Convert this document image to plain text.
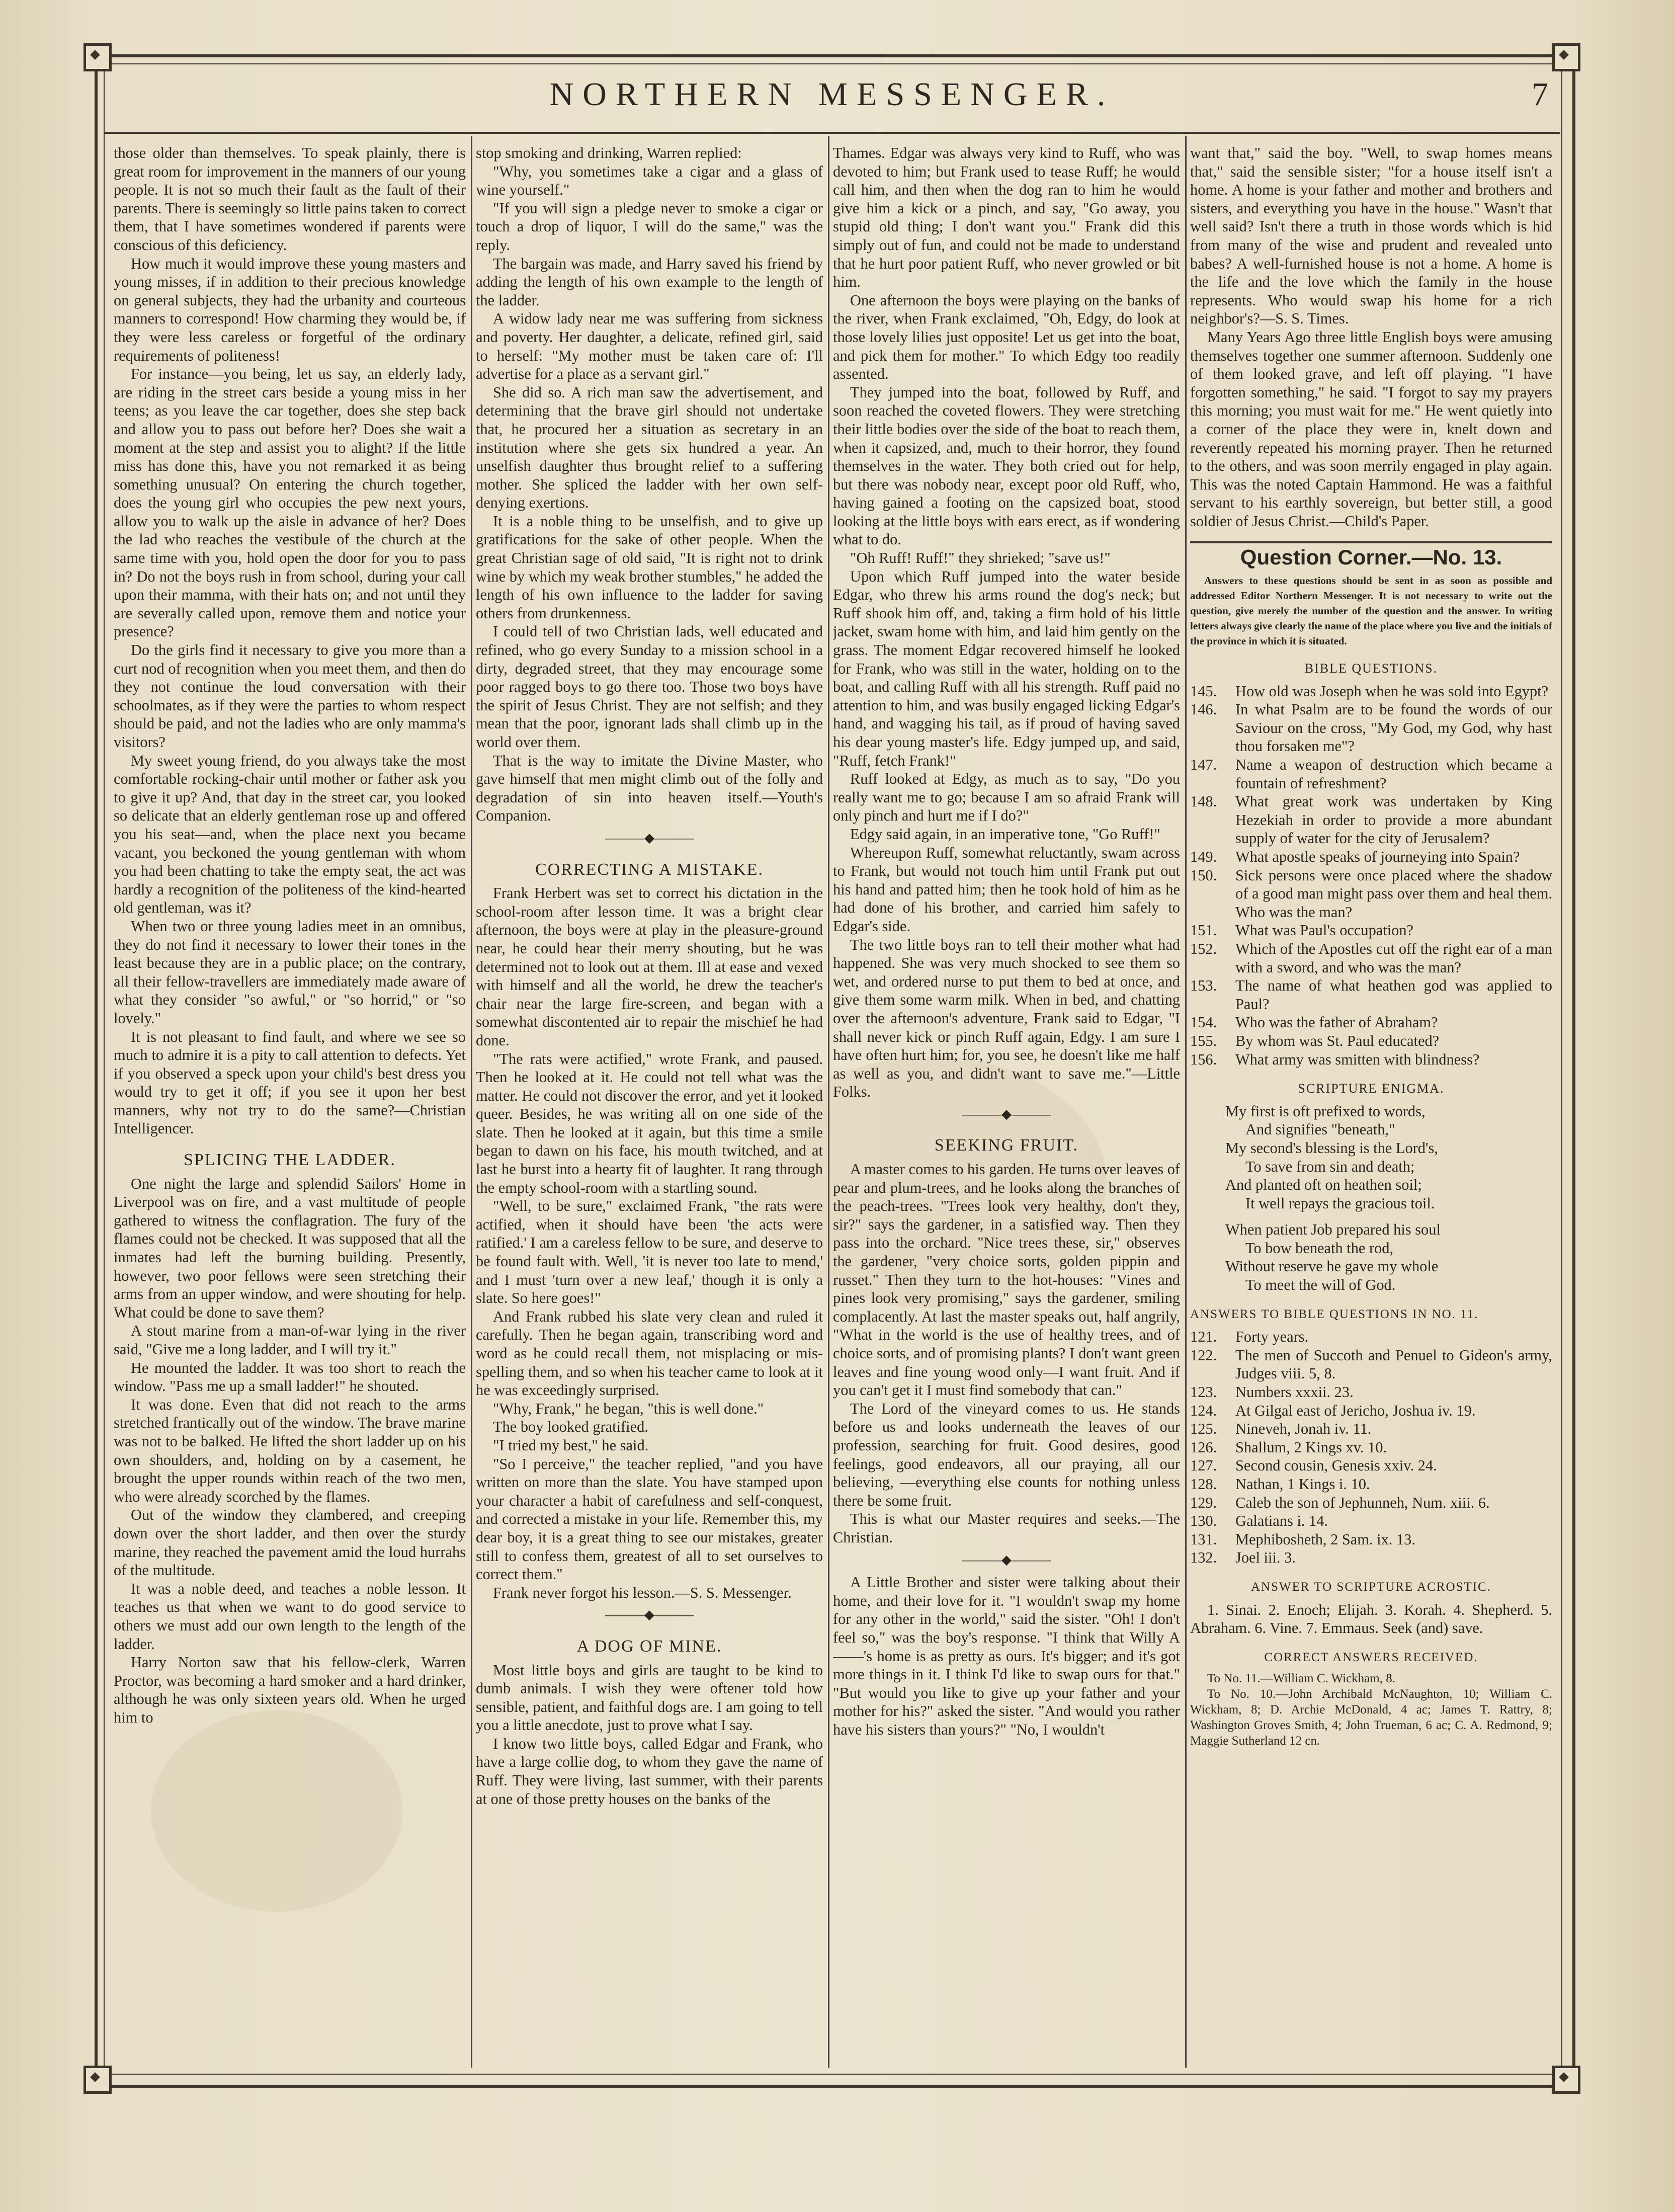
NORTHERN MESSENGER.	7

those older than themselves. To speak plainly, there is great room for improvement in the manners of our young people. It is not so much their fault as the fault of their parents. There is seemingly so little pains taken to correct them, that I have sometimes wondered if parents were conscious of this deficiency.

How much it would improve these young masters and young misses, if in addition to their precious knowledge on general subjects, they had the urbanity and courteous manners to correspond! How charming they would be, if they were less careless or forgetful of the ordinary requirements of politeness!

For instance—you being, let us say, an elderly lady, are riding in the street cars beside a young miss in her teens; as you leave the car together, does she step back and allow you to pass out before her? Does she wait a moment at the step and assist you to alight? If the little miss has done this, have you not remarked it as being something unusual? On entering the church together, does the young girl who occupies the pew next yours, allow you to walk up the aisle in advance of her? Does the lad who reaches the vestibule of the church at the same time with you, hold open the door for you to pass in? Do not the boys rush in from school, during your call upon their mamma, with their hats on; and not until they are severally called upon, remove them and notice your presence?

Do the girls find it necessary to give you more than a curt nod of recognition when you meet them, and then do they not continue the loud conversation with their schoolmates, as if they were the parties to whom respect should be paid, and not the ladies who are only mamma's visitors?

My sweet young friend, do you always take the most comfortable rocking-chair until mother or father ask you to give it up? And, that day in the street car, you looked so delicate that an elderly gentleman rose up and offered you his seat—and, when the place next you became vacant, you beckoned the young gentleman with whom you had been chatting to take the empty seat, the act was hardly a recognition of the politeness of the kind-hearted old gentleman, was it?

When two or three young ladies meet in an omnibus, they do not find it necessary to lower their tones in the least because they are in a public place; on the contrary, all their fellow-travellers are immediately made aware of what they consider "so awful," or "so horrid," or "so lovely."

It is not pleasant to find fault, and where we see so much to admire it is a pity to call attention to defects. Yet if you observed a speck upon your child's best dress you would try to get it off; if you see it upon her best manners, why not try to do the same?—Christian Intelligencer.

SPLICING THE LADDER.

One night the large and splendid Sailors' Home in Liverpool was on fire, and a vast multitude of people gathered to witness the conflagration. The fury of the flames could not be checked. It was supposed that all the inmates had left the burning building. Presently, however, two poor fellows were seen stretching their arms from an upper window, and were shouting for help. What could be done to save them?

A stout marine from a man-of-war lying in the river said, "Give me a long ladder, and I will try it."

He mounted the ladder. It was too short to reach the window. "Pass me up a small ladder!" he shouted.

It was done. Even that did not reach to the arms stretched frantically out of the window. The brave marine was not to be balked. He lifted the short ladder up on his own shoulders, and, holding on by a casement, he brought the upper rounds within reach of the two men, who were already scorched by the flames.

Out of the window they clambered, and creeping down over the short ladder, and then over the sturdy marine, they reached the pavement amid the loud hurrahs of the multitude.

It was a noble deed, and teaches a noble lesson. It teaches us that when we want to do good service to others we must add our own length to the length of the ladder.

Harry Norton saw that his fellow-clerk, Warren Proctor, was becoming a hard smoker and a hard drinker, although he was only sixteen years old. When he urged him to

stop smoking and drinking, Warren replied:

"Why, you sometimes take a cigar and a glass of wine yourself."

"If you will sign a pledge never to smoke a cigar or touch a drop of liquor, I will do the same," was the reply.

The bargain was made, and Harry saved his friend by adding the length of his own example to the length of the ladder.

A widow lady near me was suffering from sickness and poverty. Her daughter, a delicate, refined girl, said to herself: "My mother must be taken care of: I'll advertise for a place as a servant girl."

She did so. A rich man saw the advertisement, and determining that the brave girl should not undertake that, he procured her a situation as secretary in an institution where she gets six hundred a year. An unselfish daughter thus brought relief to a suffering mother. She spliced the ladder with her own self-denying exertions.

It is a noble thing to be unselfish, and to give up gratifications for the sake of other people. When the great Christian sage of old said, "It is right not to drink wine by which my weak brother stumbles," he added the length of his own influence to the ladder for saving others from drunkenness.

I could tell of two Christian lads, well educated and refined, who go every Sunday to a mission school in a dirty, degraded street, that they may encourage some poor ragged boys to go there too. Those two boys have the spirit of Jesus Christ. They are not selfish; and they mean that the poor, ignorant lads shall climb up in the world over them.

That is the way to imitate the Divine Master, who gave himself that men might climb out of the folly and degradation of sin into heaven itself.—Youth's Companion.

———◆———
CORRECTING A MISTAKE.

Frank Herbert was set to correct his dictation in the school-room after lesson time. It was a bright clear afternoon, the boys were at play in the pleasure-ground near, he could hear their merry shouting, but he was determined not to look out at them. Ill at ease and vexed with himself and all the world, he drew the teacher's chair near the large fire-screen, and began with a somewhat discontented air to repair the mischief he had done.

"The rats were actified," wrote Frank, and paused. Then he looked at it. He could not tell what was the matter. He could not discover the error, and yet it looked queer. Besides, he was writing all on one side of the slate. Then he looked at it again, but this time a smile began to dawn on his face, his mouth twitched, and at last he burst into a hearty fit of laughter. It rang through the empty school-room with a startling sound.

"Well, to be sure," exclaimed Frank, "the rats were actified, when it should have been 'the acts were ratified.' I am a careless fellow to be sure, and deserve to be found fault with. Well, 'it is never too late to mend,' and I must 'turn over a new leaf,' though it is only a slate. So here goes!"

And Frank rubbed his slate very clean and ruled it carefully. Then he began again, transcribing word and word as he could recall them, not misplacing or mis-spelling them, and so when his teacher came to look at it he was exceedingly surprised.

"Why, Frank," he began, "this is well done."

The boy looked gratified.

"I tried my best," he said.

"So I perceive," the teacher replied, "and you have written on more than the slate. You have stamped upon your character a habit of carefulness and self-conquest, and corrected a mistake in your life. Remember this, my dear boy, it is a great thing to see our mistakes, greater still to confess them, greatest of all to set ourselves to correct them."

Frank never forgot his lesson.—S. S. Messenger.

———◆———
A DOG OF MINE.

Most little boys and girls are taught to be kind to dumb animals. I wish they were oftener told how sensible, patient, and faithful dogs are. I am going to tell you a little anecdote, just to prove what I say.

I know two little boys, called Edgar and Frank, who have a large collie dog, to whom they gave the name of Ruff. They were living, last summer, with their parents at one of those pretty houses on the banks of the

Thames. Edgar was always very kind to Ruff, who was devoted to him; but Frank used to tease Ruff; he would call him, and then when the dog ran to him he would give him a kick or a pinch, and say, "Go away, you stupid old thing; I don't want you." Frank did this simply out of fun, and could not be made to understand that he hurt poor patient Ruff, who never growled or bit him.

One afternoon the boys were playing on the banks of the river, when Frank exclaimed, "Oh, Edgy, do look at those lovely lilies just opposite! Let us get into the boat, and pick them for mother." To which Edgy too readily assented.

They jumped into the boat, followed by Ruff, and soon reached the coveted flowers. They were stretching their little bodies over the side of the boat to reach them, when it capsized, and, much to their horror, they found themselves in the water. They both cried out for help, but there was nobody near, except poor old Ruff, who, having gained a footing on the capsized boat, stood looking at the little boys with ears erect, as if wondering what to do.

"Oh Ruff! Ruff!" they shrieked; "save us!"

Upon which Ruff jumped into the water beside Edgar, who threw his arms round the dog's neck; but Ruff shook him off, and, taking a firm hold of his little jacket, swam home with him, and laid him gently on the grass. The moment Edgar recovered himself he looked for Frank, who was still in the water, holding on to the boat, and calling Ruff with all his strength. Ruff paid no attention to him, and was busily engaged licking Edgar's hand, and wagging his tail, as if proud of having saved his dear young master's life. Edgy jumped up, and said, "Ruff, fetch Frank!"

Ruff looked at Edgy, as much as to say, "Do you really want me to go; because I am so afraid Frank will only pinch and hurt me if I do?"

Edgy said again, in an imperative tone, "Go Ruff!"

Whereupon Ruff, somewhat reluctantly, swam across to Frank, but would not touch him until Frank put out his hand and patted him; then he took hold of him as he had done of his brother, and carried him safely to Edgar's side.

The two little boys ran to tell their mother what had happened. She was very much shocked to see them so wet, and ordered nurse to put them to bed at once, and give them some warm milk. When in bed, and chatting over the afternoon's adventure, Frank said to Edgar, "I shall never kick or pinch Ruff again, Edgy. I am sure I have often hurt him; for, you see, he doesn't like me half as well as you, and didn't want to save me."—Little Folks.

———◆———
SEEKING FRUIT.

A master comes to his garden. He turns over leaves of pear and plum-trees, and he looks along the branches of the peach-trees. "Trees look very healthy, don't they, sir?" says the gardener, in a satisfied way. Then they pass into the orchard. "Nice trees these, sir," observes the gardener, "very choice sorts, golden pippin and russet." Then they turn to the hot-houses: "Vines and pines look very promising," says the gardener, smiling complacently. At last the master speaks out, half angrily, "What in the world is the use of healthy trees, and of choice sorts, and of promising plants? I don't want green leaves and fine young wood only—I want fruit. And if you can't get it I must find somebody that can."

The Lord of the vineyard comes to us. He stands before us and looks underneath the leaves of our profession, searching for fruit. Good desires, good feelings, good endeavors, all our praying, all our believing, —everything else counts for nothing unless there be some fruit.

This is what our Master requires and seeks.—The Christian.

———◆———

A Little Brother and sister were talking about their home, and their love for it. "I wouldn't swap my home for any other in the world," said the sister. "Oh! I don't feel so," was the boy's response. "I think that Willy A——'s home is as pretty as ours. It's bigger; and it's got more things in it. I think I'd like to swap ours for that." "But would you like to give up your father and your mother for his?" asked the sister. "And would you rather have his sisters than yours?" "No, I wouldn't

want that," said the boy. "Well, to swap homes means that," said the sensible sister; "for a house itself isn't a home. A home is your father and mother and brothers and sisters, and everything you have in the house." Wasn't that well said? Isn't there a truth in those words which is hid from many of the wise and prudent and revealed unto babes? A well-furnished house is not a home. A home is the life and the love which the family in the house represents. Who would swap his home for a rich neighbor's?—S. S. Times.

Many Years Ago three little English boys were amusing themselves together one summer afternoon. Suddenly one of them looked grave, and left off playing. "I have forgotten something," he said. "I forgot to say my prayers this morning; you must wait for me." He went quietly into a corner of the place they were in, knelt down and reverently repeated his morning prayer. Then he returned to the others, and was soon merrily engaged in play again. This was the noted Captain Hammond. He was a faithful servant to his earthly sovereign, but better still, a good soldier of Jesus Christ.—Child's Paper.

Question Corner.—No. 13.

Answers to these questions should be sent in as soon as possible and addressed Editor Northern Messenger. It is not necessary to write out the question, give merely the number of the question and the answer. In writing letters always give clearly the name of the place where you live and the initials of the province in which it is situated.

BIBLE QUESTIONS.
145.	How old was Joseph when he was sold into Egypt?
146.	In what Psalm are to be found the words of our Saviour on the cross, "My God, my God, why hast thou forsaken me"?
147.	Name a weapon of destruction which became a fountain of refreshment?
148.	What great work was undertaken by King Hezekiah in order to provide a more abundant supply of water for the city of Jerusalem?
149.	What apostle speaks of journeying into Spain?
150.	Sick persons were once placed where the shadow of a good man might pass over them and heal them. Who was the man?
151.	What was Paul's occupation?
152.	Which of the Apostles cut off the right ear of a man with a sword, and who was the man?
153.	The name of what heathen god was applied to Paul?
154.	Who was the father of Abraham?
155.	By whom was St. Paul educated?
156.	What army was smitten with blindness?
SCRIPTURE ENIGMA.
My first is oft prefixed to words,
And signifies "beneath,"
My second's blessing is the Lord's,
To save from sin and death;
And planted oft on heathen soil;
It well repays the gracious toil.
When patient Job prepared his soul
To bow beneath the rod,
Without reserve he gave my whole
To meet the will of God.
ANSWERS TO BIBLE QUESTIONS IN NO. 11.
121.	Forty years.
122.	The men of Succoth and Penuel to Gideon's army, Judges viii. 5, 8.
123.	Numbers xxxii. 23.
124.	At Gilgal east of Jericho, Joshua iv. 19.
125.	Nineveh, Jonah iv. 11.
126.	Shallum, 2 Kings xv. 10.
127.	Second cousin, Genesis xxiv. 24.
128.	Nathan, 1 Kings i. 10.
129.	Caleb the son of Jephunneh, Num. xiii. 6.
130.	Galatians i. 14.
131.	Mephibosheth, 2 Sam. ix. 13.
132.	Joel iii. 3.
ANSWER TO SCRIPTURE ACROSTIC.

1. Sinai. 2. Enoch; Elijah. 3. Korah. 4. Shepherd. 5. Abraham. 6. Vine. 7. Emmaus. Seek (and) save.

CORRECT ANSWERS RECEIVED.

To No. 11.—William C. Wickham, 8.

To No. 10.—John Archibald McNaughton, 10; William C. Wickham, 8; D. Archie McDonald, 4 ac; James T. Rattry, 8; Washington Groves Smith, 4; John Trueman, 6 ac; C. A. Redmond, 9; Maggie Sutherland 12 cn.
